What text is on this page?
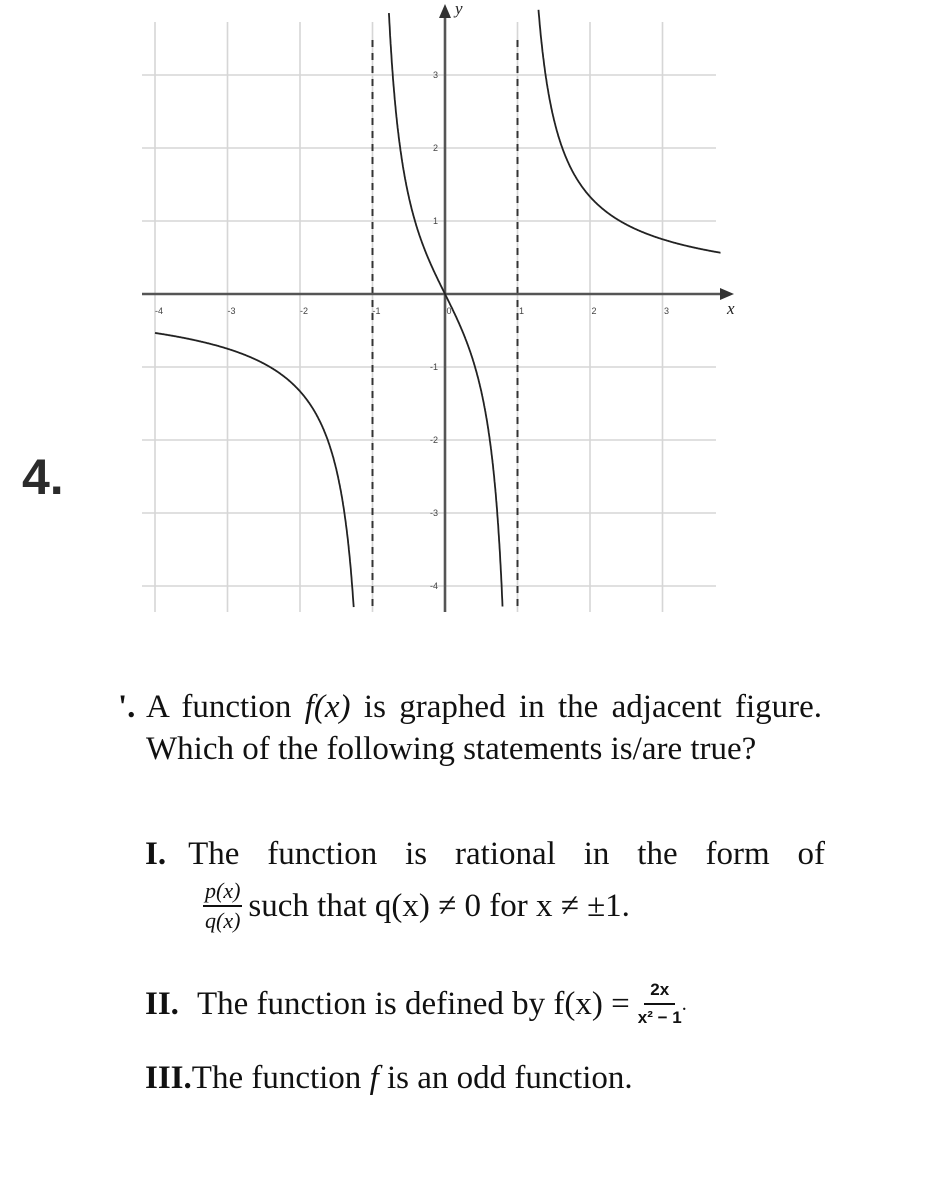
4.
x
y
-4	-3	-2	-1	0	1	2	3
3
2
1
-1
-2
-3
-4
'. A function f(x) is graphed in the adjacent figure. Which of the following statements is/are true?
I. The function is rational in the form of
$\frac{p(x)}{q(x)}$ such that q(x) ≠ 0 for x ≠ ±1.
II. The function is defined by $f(x) = \frac{2x}{\text{x² − 1}}$ .
III.The function f is an odd function.
